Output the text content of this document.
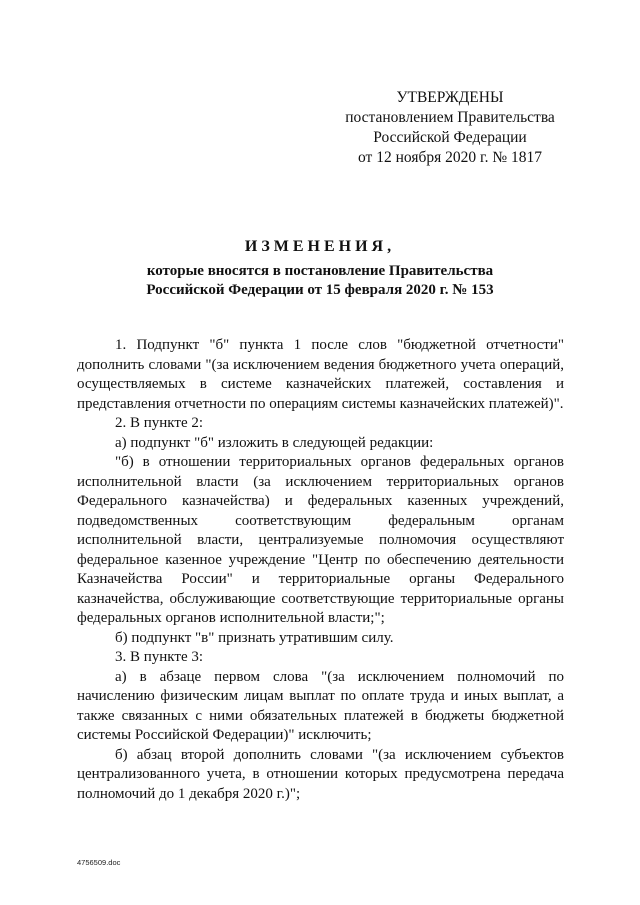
УТВЕРЖДЕНЫ
постановлением Правительства
Российской Федерации
от 12 ноября 2020 г. № 1817
ИЗМЕНЕНИЯ,
которые вносятся в постановление Правительства
Российской Федерации от 15 февраля 2020 г. № 153

1. Подпункт "б" пункта 1 после слов "бюджетной отчетности" дополнить словами "(за исключением ведения бюджетного учета операций, осуществляемых в системе казначейских платежей, составления и представления отчетности по операциям системы казначейских платежей)".

2. В пункте 2:

а) подпункт "б" изложить в следующей редакции:

"б) в отношении территориальных органов федеральных органов исполнительной власти (за исключением территориальных органов Федерального казначейства) и федеральных казенных учреждений, подведомственных соответствующим федеральным органам исполнительной власти, централизуемые полномочия осуществляют федеральное казенное учреждение "Центр по обеспечению деятельности Казначейства России" и территориальные органы Федерального казначейства, обслуживающие соответствующие территориальные органы федеральных органов исполнительной власти;";

б) подпункт "в" признать утратившим силу.

3. В пункте 3:

а) в абзаце первом слова "(за исключением полномочий по начислению физическим лицам выплат по оплате труда и иных выплат, а также связанных с ними обязательных платежей в бюджеты бюджетной системы Российской Федерации)" исключить;

б) абзац второй дополнить словами "(за исключением субъектов централизованного учета, в отношении которых предусмотрена передача полномочий до 1 декабря 2020 г.)";

4756509.doc
